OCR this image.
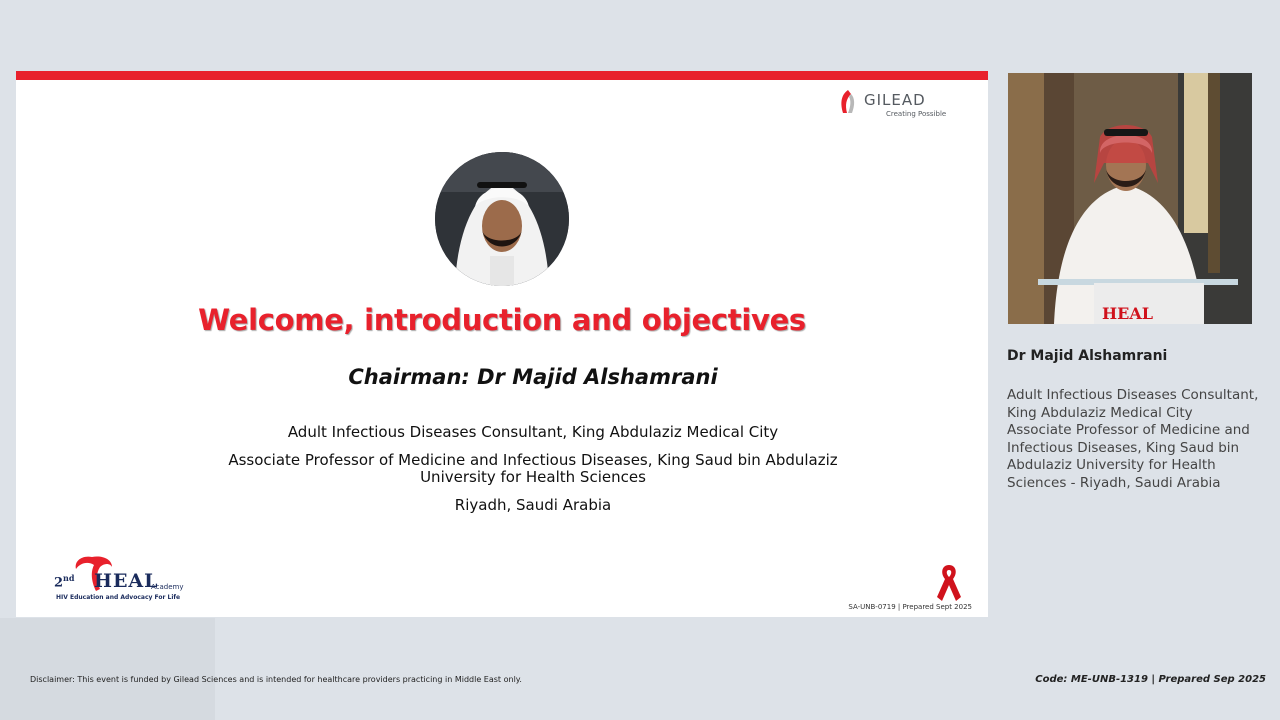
GILEAD
Creating Possible
Welcome, introduction and objectives
Chairman: Dr Majid Alshamrani
Adult Infectious Diseases Consultant, King Abdulaziz Medical City
Associate Professor of Medicine and Infectious Diseases, King Saud bin Abdulaziz
University for Health Sciences
Riyadh, Saudi Arabia
2nd HEAL
Academy
HIV Education and Advocacy For Life
SA-UNB-0719 | Prepared Sept 2025
HEAL
Dr Majid Alshamrani
Adult Infectious Diseases Consultant,
King Abdulaziz Medical City
Associate Professor of Medicine and
Infectious Diseases, King Saud bin
Abdulaziz University for Health
Sciences - Riyadh, Saudi Arabia
Disclaimer: This event is funded by Gilead Sciences and is intended for healthcare providers practicing in Middle East only.	Code: ME-UNB-1319 | Prepared Sep 2025
